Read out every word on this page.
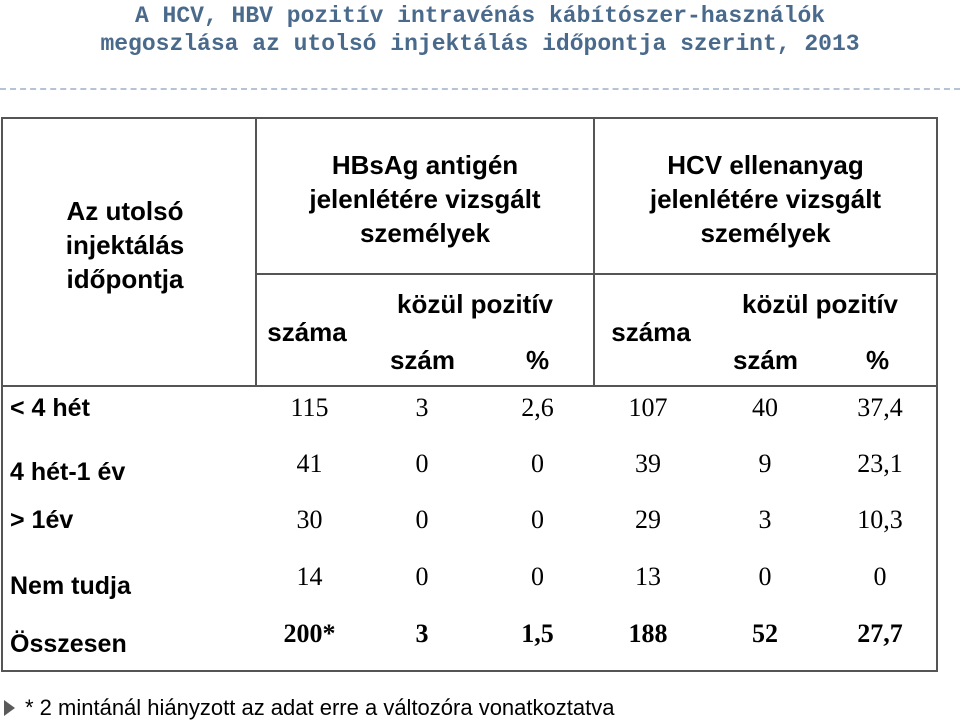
A HCV, HBV pozitív intravénás kábítószer-használók
megoszlása az utolsó injektálás időpontja szerint, 2013
Az utolsó
injektálás
időpontja
HBsAg antigén
jelenlétére vizsgált
személyek
HCV ellenanyag
jelenlétére vizsgált
személyek
száma
közül pozitív
szám	%
száma
közül pozitív
szám	%
< 4 hét	115	3	2,6	107	40	37,4
4 hét-1 év	41	0	0	39	9	23,1
> 1év	30	0	0	29	3	10,3
Nem tudja	14	0	0	13	0	0
Összesen	200*	3	1,5	188	52	27,7
* 2 mintánál hiányzott az adat erre a változóra vonatkoztatva
